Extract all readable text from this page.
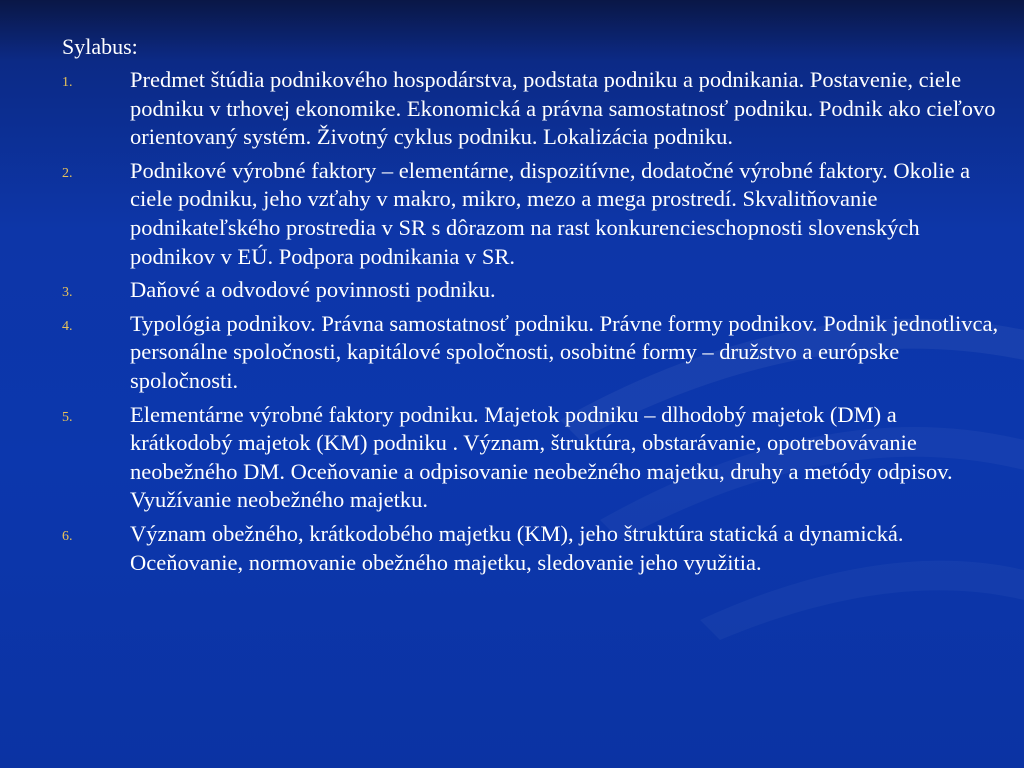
Sylabus:
1.	Predmet štúdia podnikového hospodárstva, podstata podniku a podnikania. Postavenie, ciele podniku v trhovej ekonomike. Ekonomická a právna samostatnosť podniku. Podnik ako cieľovo orientovaný systém. Životný cyklus podniku. Lokalizácia podniku.
2.	Podnikové výrobné faktory – elementárne, dispozitívne, dodatočné výrobné faktory. Okolie a ciele podniku, jeho vzťahy v makro, mikro, mezo a mega prostredí. Skvalitňovanie podnikateľského prostredia v SR s dôrazom na rast konkurencieschopnosti slovenských podnikov v EÚ. Podpora podnikania v SR.
3.	Daňové a odvodové povinnosti podniku.
4.	Typológia podnikov. Právna samostatnosť podniku. Právne formy podnikov. Podnik jednotlivca, personálne spoločnosti, kapitálové spoločnosti, osobitné formy – družstvo a európske spoločnosti.
5.	Elementárne výrobné faktory podniku. Majetok podniku – dlhodobý majetok (DM) a krátkodobý majetok (KM) podniku . Význam, štruktúra, obstarávanie, opotrebovávanie neobežného DM. Oceňovanie a odpisovanie neobežného majetku, druhy a metódy odpisov. Využívanie neobežného majetku.
6.	Význam obežného, krátkodobého majetku (KM), jeho štruktúra statická a dynamická. Oceňovanie, normovanie obežného majetku, sledovanie jeho využitia.
